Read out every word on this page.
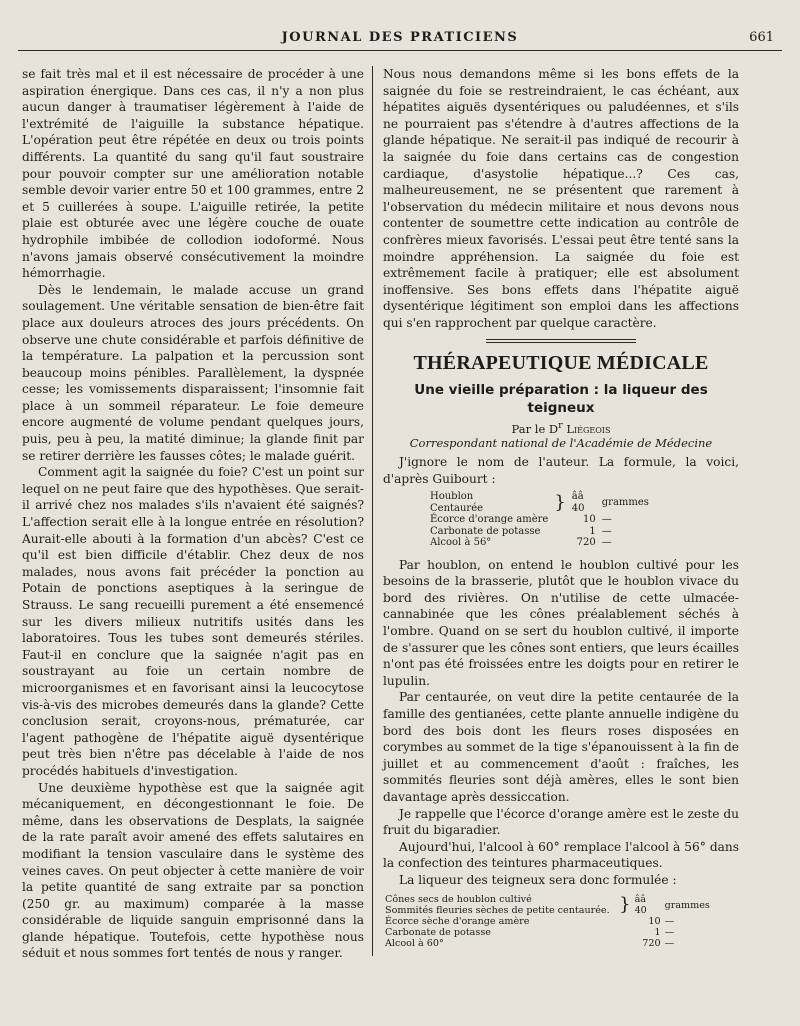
JOURNAL DES PRATICIENS	661

se fait très mal et il est nécessaire de procéder à une aspiration énergique. Dans ces cas, il n'y a non plus aucun danger à traumatiser légèrement à l'aide de l'extrémité de l'aiguille la substance hépatique. L'opération peut être répétée en deux ou trois points différents. La quantité du sang qu'il faut soustraire pour pouvoir compter sur une amélioration notable semble devoir varier entre 50 et 100 grammes, entre 2 et 5 cuillerées à soupe. L'aiguille retirée, la petite plaie est obturée avec une légère couche de ouate hydrophile imbibée de collodion iodoformé. Nous n'avons jamais observé consécutivement la moindre hémorrhagie.

Dès le lendemain, le malade accuse un grand soulagement. Une véritable sensation de bien-être fait place aux douleurs atroces des jours précédents. On observe une chute considérable et parfois définitive de la température. La palpation et la percussion sont beaucoup moins pénibles. Parallèlement, la dyspnée cesse; les vomissements disparaissent; l'insomnie fait place à un sommeil réparateur. Le foie demeure encore augmenté de volume pendant quelques jours, puis, peu à peu, la matité diminue; la glande finit par se retirer derrière les fausses côtes; le malade guérit.

Comment agit la saignée du foie? C'est un point sur lequel on ne peut faire que des hypothèses. Que serait-il arrivé chez nos malades s'ils n'avaient été saignés? L'affection serait elle à la longue entrée en résolution? Aurait-elle abouti à la formation d'un abcès? C'est ce qu'il est bien difficile d'établir. Chez deux de nos malades, nous avons fait précéder la ponction au Potain de ponctions aseptiques à la seringue de Strauss. Le sang recueilli purement a été ensemencé sur les divers milieux nutritifs usités dans les laboratoires. Tous les tubes sont demeurés stériles. Faut-il en conclure que la saignée n'agit pas en soustrayant au foie un certain nombre de microorganismes et en favorisant ainsi la leucocytose vis-à-vis des microbes demeurés dans la glande? Cette conclusion serait, croyons-nous, prématurée, car l'agent pathogène de l'hépatite aiguë dysentérique peut très bien n'être pas décelable à l'aide de nos procédés habituels d'investigation.

Une deuxième hypothèse est que la saignée agit mécaniquement, en décongestionnant le foie. De même, dans les observations de Desplats, la saignée de la rate paraît avoir amené des effets salutaires en modifiant la tension vasculaire dans le système des veines caves. On peut objecter à cette manière de voir la petite quantité de sang extraite par sa ponction (250 gr. au maximum) comparée à la masse considérable de liquide sanguin emprisonné dans la glande hépatique. Toutefois, cette hypothèse nous séduit et nous sommes fort tentés de nous y ranger.

Nous nous demandons même si les bons effets de la saignée du foie se restreindraient, le cas échéant, aux hépatites aiguës dysentériques ou paludéennes, et s'ils ne pourraient pas s'étendre à d'autres affections de la glande hépatique. Ne serait-il pas indiqué de recourir à la saignée du foie dans certains cas de congestion cardiaque, d'asystolie hépatique...? Ces cas, malheureusement, ne se présentent que rarement à l'observation du médecin militaire et nous devons nous contenter de soumettre cette indication au contrôle de confrères mieux favorisés. L'essai peut être tenté sans la moindre appréhension. La saignée du foie est extrêmement facile à pratiquer; elle est absolument inoffensive. Ses bons effets dans l'hépatite aiguë dysentérique légitiment son emploi dans les affections qui s'en rapprochent par quelque caractère.

THÉRAPEUTIQUE MÉDICALE
Une vieille préparation : la liqueur des teigneux
Par le $D^r$ Liégeois
Correspondant national de l'Académie de Médecine

J'ignore le nom de l'auteur. La formule, la voici, d'après Guibourt :

Houblon	}	ââ 40	grammes
Centaurée			
Écorce d'orange amère		10	—
Carbonate de potasse		1	—
Alcool à 56°		720	—

Par houblon, on entend le houblon cultivé pour les besoins de la brasserie, plutôt que le houblon vivace du bord des rivières. On n'utilise de cette ulmacée-cannabinée que les cônes préalablement séchés à l'ombre. Quand on se sert du houblon cultivé, il importe de s'assurer que les cônes sont entiers, que leurs écailles n'ont pas été froissées entre les doigts pour en retirer le lupulin.

Par centaurée, on veut dire la petite centaurée de la famille des gentianées, cette plante annuelle indigène du bord des bois dont les fleurs roses disposées en corymbes au sommet de la tige s'épanouissent à la fin de juillet et au commencement d'août : fraîches, les sommités fleuries sont déjà amères, elles le sont bien davantage après dessiccation.

Je rappelle que l'écorce d'orange amère est le zeste du fruit du bigaradier.

Aujourd'hui, l'alcool à 60° remplace l'alcool à 56° dans la confection des teintures pharmaceutiques.

La liqueur des teigneux sera donc formulée :

Cônes secs de houblon cultivé	}	ââ 40	grammes
Sommités fleuries sèches de petite centaurée.			
Écorce sèche d'orange amère		10	—
Carbonate de potasse		1	—
Alcool à 60°		720	—
